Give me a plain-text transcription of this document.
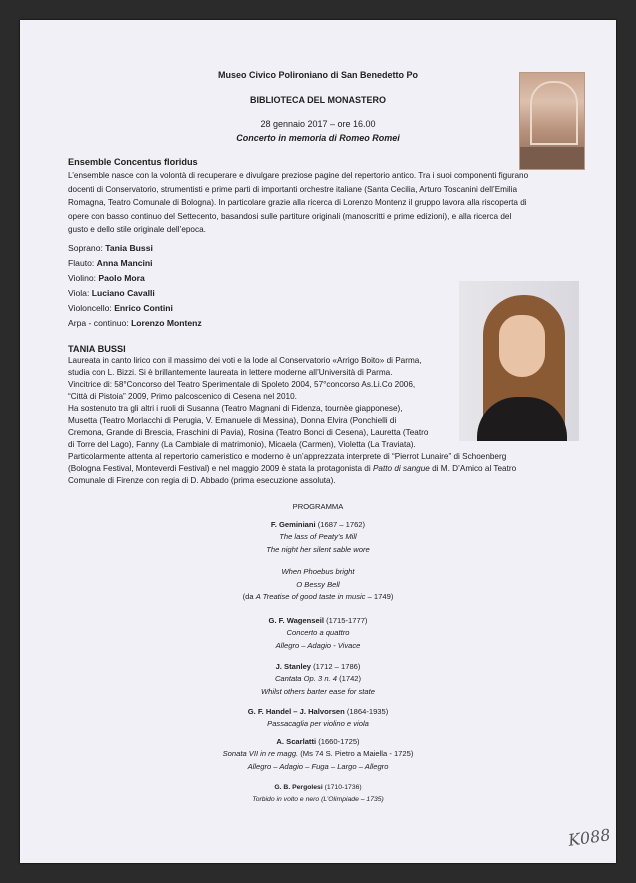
Museo Civico Polironiano di San Benedetto Po
BIBLIOTECA DEL MONASTERO
28 gennaio 2017 – ore 16.00
Concerto in memoria di Romeo Romei
Ensemble Concentus floridus
L’ensemble nasce con la volontà di recuperare e divulgare preziose pagine del repertorio antico. Tra i suoi componenti figurano
docenti di Conservatorio, strumentisti e prime parti di importanti orchestre italiane (Santa Cecilia, Arturo Toscanini dell’Emilia
Romagna, Teatro Comunale di Bologna). In particolare grazie alla ricerca di Lorenzo Montenz il gruppo lavora alla riscoperta di
opere con basso continuo del Settecento, basandosi sulle partiture originali (manoscritti e prime edizioni), e alla ricerca del
gusto e dello stile originale dell’epoca.
Soprano: Tania Bussi
Flauto: Anna Mancini
Violino: Paolo Mora
Viola: Luciano Cavalli
Violoncello: Enrico Contini
Arpa - continuo: Lorenzo Montenz
TANIA BUSSI
Laureata in canto lirico con il massimo dei voti e la lode al Conservatorio «Arrigo Boito» di Parma,
studia con L. Bizzi. Si è brillantemente laureata in lettere moderne all’Università di Parma.
Vincitrice di: 58°Concorso del Teatro Sperimentale di Spoleto 2004, 57°concorso As.Li.Co 2006,
“Città di Pistoia” 2009, Primo palcoscenico di Cesena nel 2010.
Ha sostenuto tra gli altri i ruoli di Susanna (Teatro Magnani di Fidenza, tournèe giapponese),
Musetta (Teatro Morlacchi di Perugia, V. Emanuele di Messina), Donna Elvira (Ponchielli di
Cremona, Grande di Brescia, Fraschini di Pavia), Rosina (Teatro Bonci di Cesena), Lauretta (Teatro
di Torre del Lago), Fanny (La Cambiale di matrimonio), Micaela (Carmen), Violetta (La Traviata).
Particolarmente attenta al repertorio cameristico e moderno è un’apprezzata interprete di “Pierrot Lunaire” di Schoenberg
(Bologna Festival, Monteverdi Festival) e nel maggio 2009 è stata la protagonista di Patto di sangue di M. D’Amico al Teatro
Comunale di Firenze con regia di D. Abbado (prima esecuzione assoluta).
PROGRAMMA
F. Geminiani (1687 – 1762)
The lass of Peaty’s Mill
The night her silent sable wore
When Phoebus bright
O Bessy Bell
(da A Treatise of good taste in music – 1749)
G. F. Wagenseil (1715-1777)
Concerto a quattro
Allegro – Adagio - Vivace
J. Stanley (1712 – 1786)
Cantata Op. 3 n. 4 (1742)
Whilst others barter ease for state
G. F. Handel – J. Halvorsen (1864-1935)
Passacaglia per violino e viola
A. Scarlatti (1660-1725)
Sonata VII in re magg. (Ms 74 S. Pietro a Maiella - 1725)
Allegro – Adagio – Fuga – Largo – Allegro
G. B. Pergolesi (1710-1736)
Torbido in volto e nero (L’Olimpiade – 1735)
K088
